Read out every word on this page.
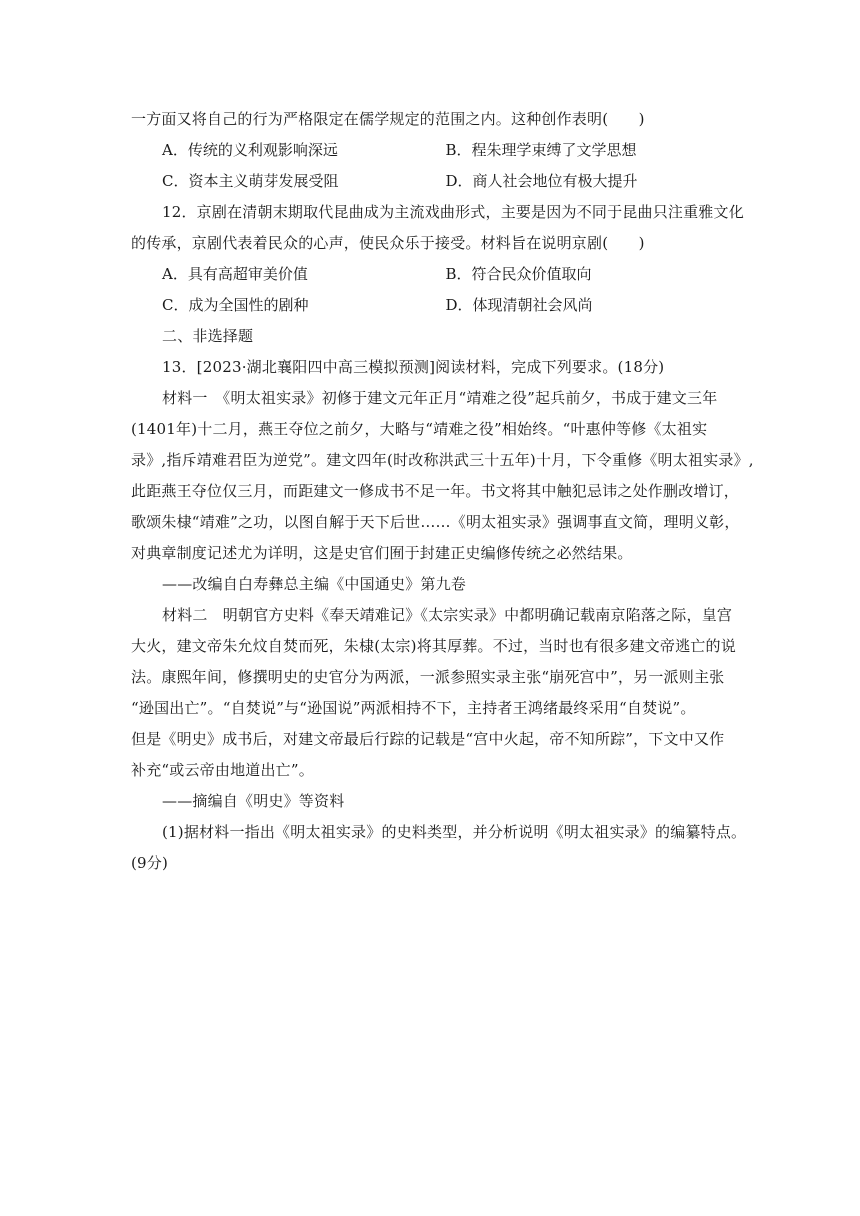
一方面又将自己的行为严格限定在儒学规定的范围之内。这种创作表明(　　)
A．传统的义利观影响深远	B．程朱理学束缚了文学思想
C．资本主义萌芽发展受阻	D．商人社会地位有极大提升
12．京剧在清朝末期取代昆曲成为主流戏曲形式，主要是因为不同于昆曲只注重雅文化
的传承，京剧代表着民众的心声，使民众乐于接受。材料旨在说明京剧(　　)
A．具有高超审美价值	B．符合民众价值取向
C．成为全国性的剧种	D．体现清朝社会风尚
二、非选择题
13．[2023·湖北襄阳四中高三模拟预测]阅读材料，完成下列要求。(18分)
材料一　《明太祖实录》初修于建文元年正月“靖难之役”起兵前夕，书成于建文三年
(1401年)十二月，燕王夺位之前夕，大略与“靖难之役”相始终。“叶惠仲等修《太祖实
录》,指斥靖难君臣为逆党”。建文四年(时改称洪武三十五年)十月，下令重修《明太祖实录》,
此距燕王夺位仅三月，而距建文一修成书不足一年。书文将其中触犯忌讳之处作删改增订，
歌颂朱棣“靖难”之功，以图自解于天下后世……《明太祖实录》强调事直文简，理明义彰，
对典章制度记述尤为详明，这是史官们囿于封建正史编修传统之必然结果。
——改编自白寿彝总主编《中国通史》第九卷
材料二　明朝官方史料《奉天靖难记》《太宗实录》中都明确记载南京陷落之际，皇宫
大火，建文帝朱允炆自焚而死，朱棣(太宗)将其厚葬。不过，当时也有很多建文帝逃亡的说
法。康熙年间，修撰明史的史官分为两派，一派参照实录主张“崩死宫中”，另一派则主张
“逊国出亡”。“自焚说”与“逊国说”两派相持不下，主持者王鸿绪最终采用“自焚说”。
但是《明史》成书后，对建文帝最后行踪的记载是“宫中火起，帝不知所踪”，下文中又作
补充“或云帝由地道出亡”。
——摘编自《明史》等资料
(1)据材料一指出《明太祖实录》的史料类型，并分析说明《明太祖实录》的编纂特点。
(9分)
